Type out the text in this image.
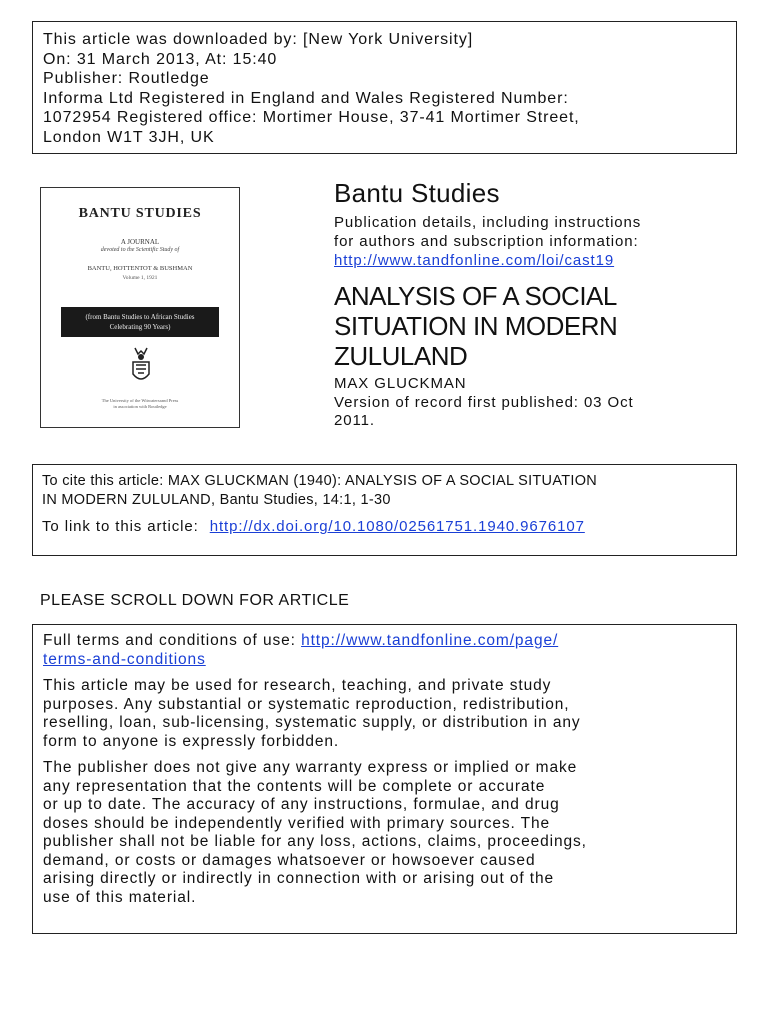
This article was downloaded by: [New York University]
On: 31 March 2013, At: 15:40
Publisher: Routledge
Informa Ltd Registered in England and Wales Registered Number:
1072954 Registered office: Mortimer House, 37-41 Mortimer Street,
London W1T 3JH, UK
BANTU STUDIES
A JOURNAL
devoted to the Scientific Study of
BANTU, HOTTENTOT & BUSHMAN
Volume 1, 1921
(from Bantu Studies to African Studies
Celebrating 90 Years)
The University of the Witwatersrand Press
in association with Routledge
Bantu Studies
Publication details, including instructions
for authors and subscription information:
http://www.tandfonline.com/loi/cast19
ANALYSIS OF A SOCIAL
SITUATION IN MODERN
ZULULAND
MAX GLUCKMAN
Version of record first published: 03 Oct
2011.
To cite this article: MAX GLUCKMAN (1940): ANALYSIS OF A SOCIAL SITUATION
IN MODERN ZULULAND, Bantu Studies, 14:1, 1-30
To link to this article: http://dx.doi.org/10.1080/02561751.1940.9676107
PLEASE SCROLL DOWN FOR ARTICLE
Full terms and conditions of use: http://www.tandfonline.com/page/
terms-and-conditions
This article may be used for research, teaching, and private study
purposes. Any substantial or systematic reproduction, redistribution,
reselling, loan, sub-licensing, systematic supply, or distribution in any
form to anyone is expressly forbidden.
The publisher does not give any warranty express or implied or make
any representation that the contents will be complete or accurate
or up to date. The accuracy of any instructions, formulae, and drug
doses should be independently verified with primary sources. The
publisher shall not be liable for any loss, actions, claims, proceedings,
demand, or costs or damages whatsoever or howsoever caused
arising directly or indirectly in connection with or arising out of the
use of this material.
